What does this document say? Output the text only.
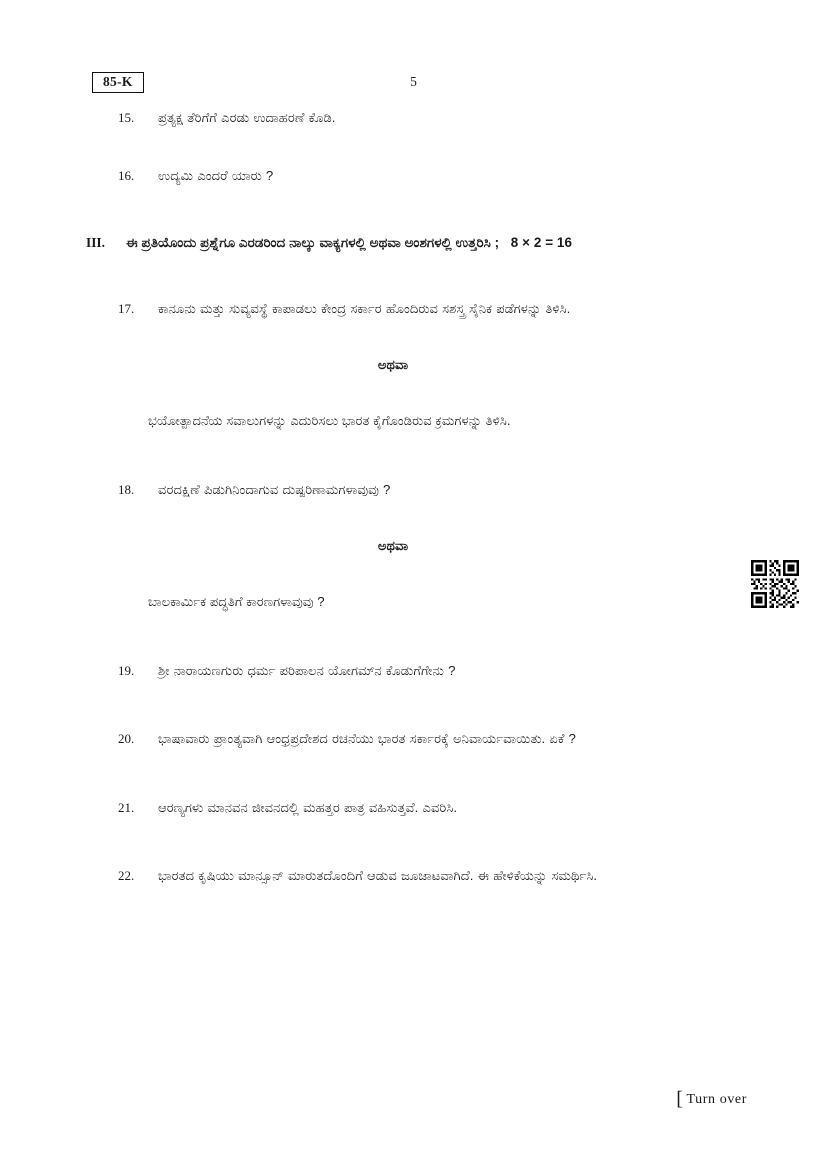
85-K	5
15.	ಪ್ರತ್ಯಕ್ಷ ತೆರಿಗೆಗೆ ಎರಡು ಉದಾಹರಣೆ ಕೊಡಿ.
16.	ಉದ್ಯಮಿ ಎಂದರೆ ಯಾರು ?
III.	ಈ ಪ್ರತಿಯೊಂದು ಪ್ರಶ್ನೆಗೂ ಎರಡರಿಂದ ನಾಲ್ಕು ವಾಕ್ಯಗಳಲ್ಲಿ ಅಥವಾ ಅಂಶಗಳಲ್ಲಿ ಉತ್ತರಿಸಿ ; 8 × 2 = 16
17.	ಕಾನೂನು ಮತ್ತು ಸುವ್ಯವಸ್ಥೆ ಕಾಪಾಡಲು ಕೇಂದ್ರ ಸರ್ಕಾರ ಹೊಂದಿರುವ ಸಶಸ್ತ್ರ ಸೈನಿಕ ಪಡೆಗಳನ್ನು ತಿಳಿಸಿ.
ಅಥವಾ
ಭಯೋತ್ಪಾದನೆಯ ಸವಾಲುಗಳನ್ನು ಎದುರಿಸಲು ಭಾರತ ಕೈಗೊಂಡಿರುವ ಕ್ರಮಗಳನ್ನು ತಿಳಿಸಿ.
18.	ವರದಕ್ಷಿಣೆ ಪಿಡುಗಿನಿಂದಾಗುವ ದುಷ್ಪರಿಣಾಮಗಳಾವುವು ?
ಅಥವಾ
ಬಾಲಕಾರ್ಮಿಕ ಪದ್ಧತಿಗೆ ಕಾರಣಗಳಾವುವು ?
19.	ಶ್ರೀ ನಾರಾಯಣಗುರು ಧರ್ಮ ಪರಿಪಾಲನ ಯೋಗಮ್‍ನ ಕೊಡುಗೆಗೇನು ?
20.	ಭಾಷಾವಾರು ಪ್ರಾಂತ್ಯವಾಗಿ ಆಂಧ್ರಪ್ರದೇಶದ ರಚನೆಯು ಭಾರತ ಸರ್ಕಾರಕ್ಕೆ ಅನಿವಾರ್ಯವಾಯಿತು. ಏಕೆ ?
21.	ಆರಣ್ಯಗಳು ಮಾನವನ ಜೀವನದಲ್ಲಿ ಮಹತ್ತರ ಪಾತ್ರ ವಹಿಸುತ್ತವೆ. ಎವರಿಸಿ.
22.	ಭಾರತದ ಕೃಷಿಯು ಮಾನ್ಸೂನ್ ಮಾರುತದೊಂದಿಗೆ ಆಡುವ ಜೂಜಾಟವಾಗಿದೆ. ಈ ಹೇಳಿಕೆಯನ್ನು ಸಮರ್ಥಿಸಿ.
[ Turn over
